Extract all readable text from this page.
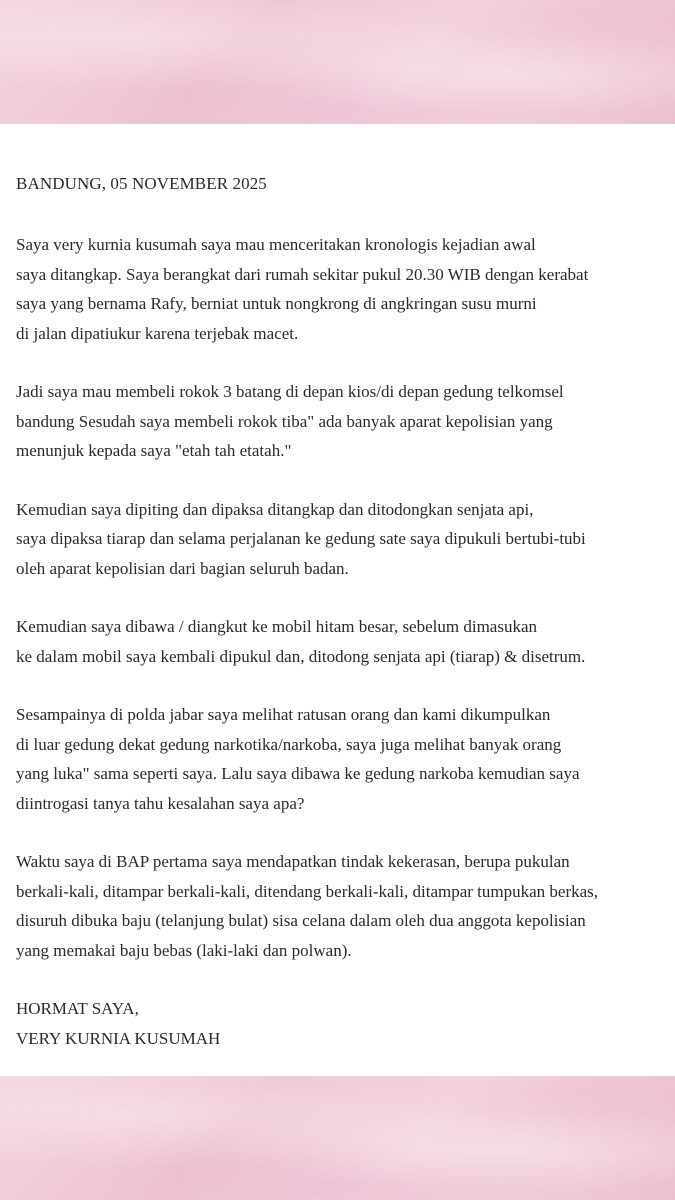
BANDUNG, 05 NOVEMBER 2025

Saya very kurnia kusumah saya mau menceritakan kronologis kejadian awal
saya ditangkap. Saya berangkat dari rumah sekitar pukul 20.30 WIB dengan kerabat
saya yang bernama Rafy, berniat untuk nongkrong di angkringan susu murni
di jalan dipatiukur karena terjebak macet.
Jadi saya mau membeli rokok 3 batang di depan kios/di depan gedung telkomsel
bandung Sesudah saya membeli rokok tiba" ada banyak aparat kepolisian yang
menunjuk kepada saya "etah tah etatah."
Kemudian saya dipiting dan dipaksa ditangkap dan ditodongkan senjata api,
saya dipaksa tiarap dan selama perjalanan ke gedung sate saya dipukuli bertubi-tubi
oleh aparat kepolisian dari bagian seluruh badan.
Kemudian saya dibawa / diangkut ke mobil hitam besar, sebelum dimasukan
ke dalam mobil saya kembali dipukul dan, ditodong senjata api (tiarap) & disetrum.
Sesampainya di polda jabar saya melihat ratusan orang dan kami dikumpulkan
di luar gedung dekat gedung narkotika/narkoba, saya juga melihat banyak orang
yang luka" sama seperti saya. Lalu saya dibawa ke gedung narkoba kemudian saya
diintrogasi tanya tahu kesalahan saya apa?
Waktu saya di BAP pertama saya mendapatkan tindak kekerasan, berupa pukulan
berkali-kali, ditampar berkali-kali, ditendang berkali-kali, ditampar tumpukan berkas,
disuruh dibuka baju (telanjung bulat) sisa celana dalam oleh dua anggota kepolisian
yang memakai baju bebas (laki-laki dan polwan).
HORMAT SAYA,
VERY KURNIA KUSUMAH
